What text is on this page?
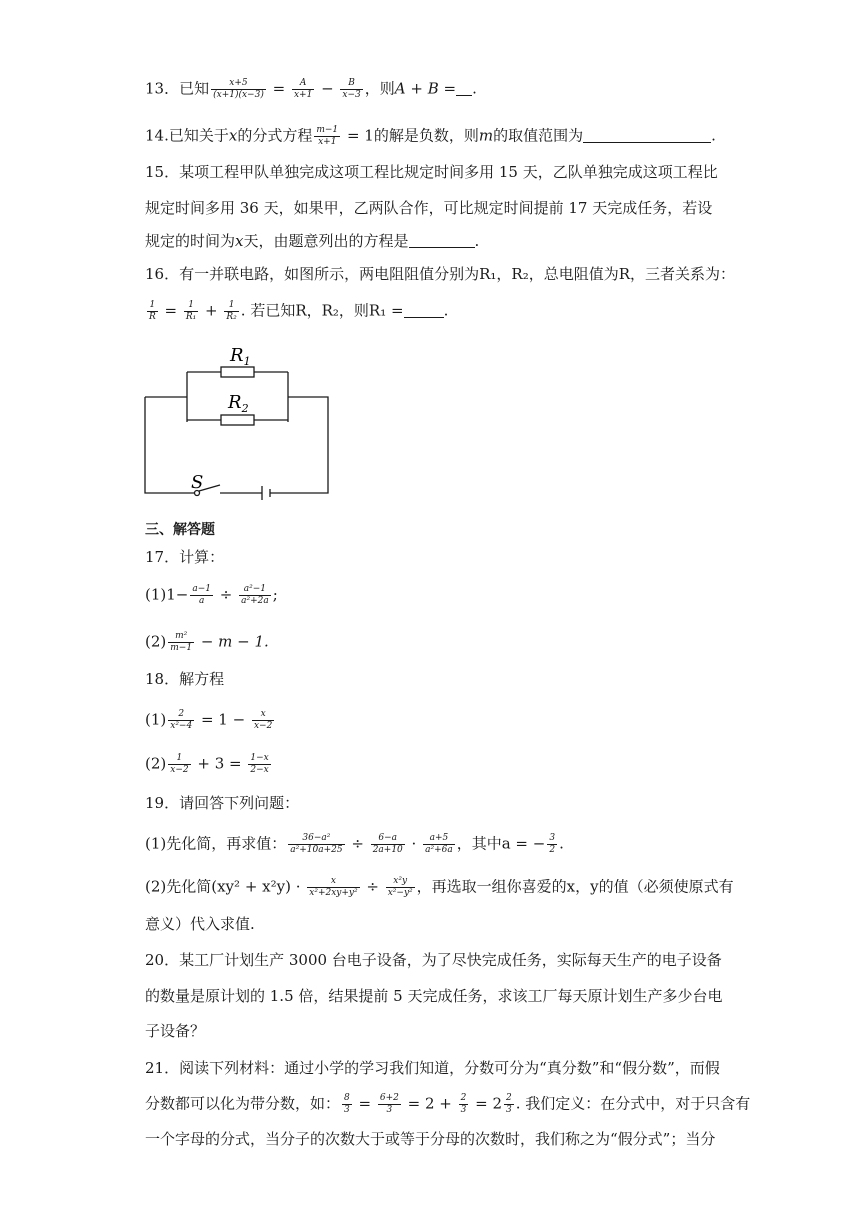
13．已知 $\frac{x+5}{(x+1)(x-3)} = \frac{A}{x+1} - \frac{B}{x-3}$ ，则A + B = .
14.已知关于x的分式方程 $\frac{m-1}{x+1} = 1$的解是负数，则m的取值范围为	.
15．某项工程甲队单独完成这项工程比规定时间多用 15 天，乙队单独完成这项工程比
规定时间多用 36 天，如果甲，乙两队合作，可比规定时间提前 17 天完成任务，若设
规定的时间为x天，由题意列出的方程是	.
16．有一并联电路，如图所示，两电阻阻值分别为R₁，R₂，总电阻值为R，三者关系为：
$\frac{1}{R} = \frac{1}{\text{R₁}} + \frac{1}{\text{R₂}}$ . 若已知R，R₂，则R₁ =	.
$R_1$
$R_2$
S
三、解答题
17．计算：
$(1)1- \frac{a-1}{a} \div \frac{\text{a²−1}}{\text{a²+2a}}$ ;
$(2) \frac{\text{m²}}{m-1} - m - 1$.
18．解方程
$(1) \frac{2}{\text{x²−4}} = 1 - \frac{x}{x-2}$
$(2) \frac{1}{x-2} + 3 = \frac{1-x}{2-x}$
19．请回答下列问题：
(1)先化简，再求值： $\frac{\text{36−a²}}{\text{a²+10a+25}} \div \frac{6-a}{2a+10} \cdot \frac{a+5}{\text{a²+6a}}$ ，其中a = − $\frac{3}{2}$ .
(2)先化简$(xy^2 + x^2y) \cdot \frac{x}{\text{x²+2xy+y²}} \div \frac{\text{x²y}}{\text{x²−y²}}$ ，再选取一组你喜爱的x，y的值（必须使原式有
意义）代入求值.
20．某工厂计划生产 3000 台电子设备，为了尽快完成任务，实际每天生产的电子设备
的数量是原计划的 1.5 倍，结果提前 5 天完成任务，求该工厂每天原计划生产多少台电
子设备？
21．阅读下列材料：通过小学的学习我们知道，分数可分为“真分数”和“假分数”，而假
分数都可以化为带分数，如： $\frac{8}{3} = \frac{6+2}{3} = 2 + \frac{2}{3} = 2 \frac{2}{3}$ . 我们定义：在分式中，对于只含有
一个字母的分式，当分子的次数大于或等于分母的次数时，我们称之为“假分式”；当分
